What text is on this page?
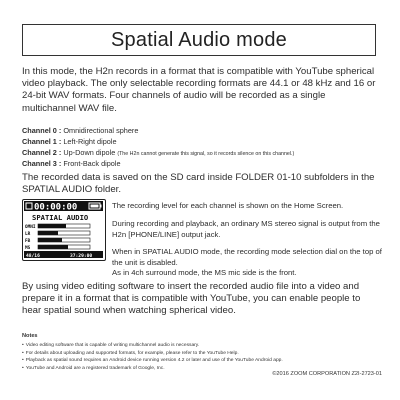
Spatial Audio mode
In this mode, the H2n records in a format that is compatible with YouTube spherical video playback. The only selectable recording formats are 44.1 or 48 kHz and 16 or 24-bit WAV formats. Four channels of audio will be recorded as a single multichannel WAV file.
Channel 0 : Omnidirectional sphere
Channel 1 : Left-Right dipole
Channel 2 : Up-Down dipole (The H2n cannot generate this signal, so it records silence on this channel.)
Channel 3 : Front-Back dipole
The recorded data is saved on the SD card inside FOLDER 01-10 subfolders in the SPATIAL AUDIO folder.
00:00:00
SPATIAL AUDIO
OMNI
LR
FB
MS
48/16	37:29:00

The recording level for each channel is shown on the Home Screen.

During recording and playback, an ordinary MS stereo signal is output from the H2n [PHONE/LINE] output jack.

When in SPATIAL AUDIO mode, the recording mode selection dial on the top of the unit is disabled.
As in 4ch surround mode, the MS mic side is the front.

By using video editing software to insert the recorded audio file into a video and prepare it in a format that is compatible with YouTube, you can enable people to hear spatial sound when watching spherical video.
Notes
• Video editing software that is capable of writing multichannel audio is necessary.
• For details about uploading and supported formats, for example, please refer to the YouTube Help.
• Playback as spatial sound requires an Android device running version 4.2 or later and use of the YouTube Android app.
• YouTube and Android are a registered trademark of Google, Inc.
©2016 ZOOM CORPORATION Z2I-2723-01
